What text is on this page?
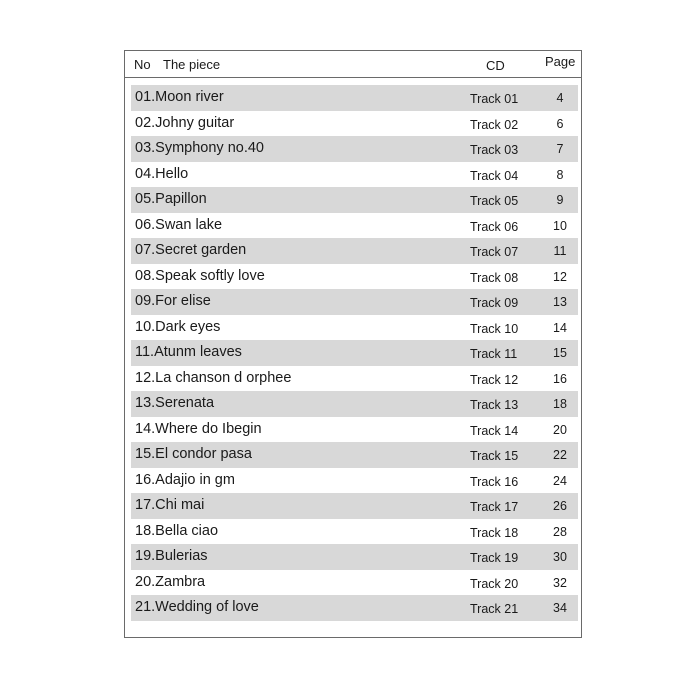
No The piece	CD	Page
01.Moon river	Track 01	4
02.Johny guitar	Track 02	6
03.Symphony no.40	Track 03	7
04.Hello	Track 04	8
05.Papillon	Track 05	9
06.Swan lake	Track 06	10
07.Secret garden	Track 07	11
08.Speak softly love	Track 08	12
09.For elise	Track 09	13
10.Dark eyes	Track 10	14
11.Atunm leaves	Track 11	15
12.La chanson d orphee	Track 12	16
13.Serenata	Track 13	18
14.Where do Ibegin	Track 14	20
15.El condor pasa	Track 15	22
16.Adajio in gm	Track 16	24
17.Chi mai	Track 17	26
18.Bella ciao	Track 18	28
19.Bulerias	Track 19	30
20.Zambra	Track 20	32
21.Wedding of love	Track 21	34
